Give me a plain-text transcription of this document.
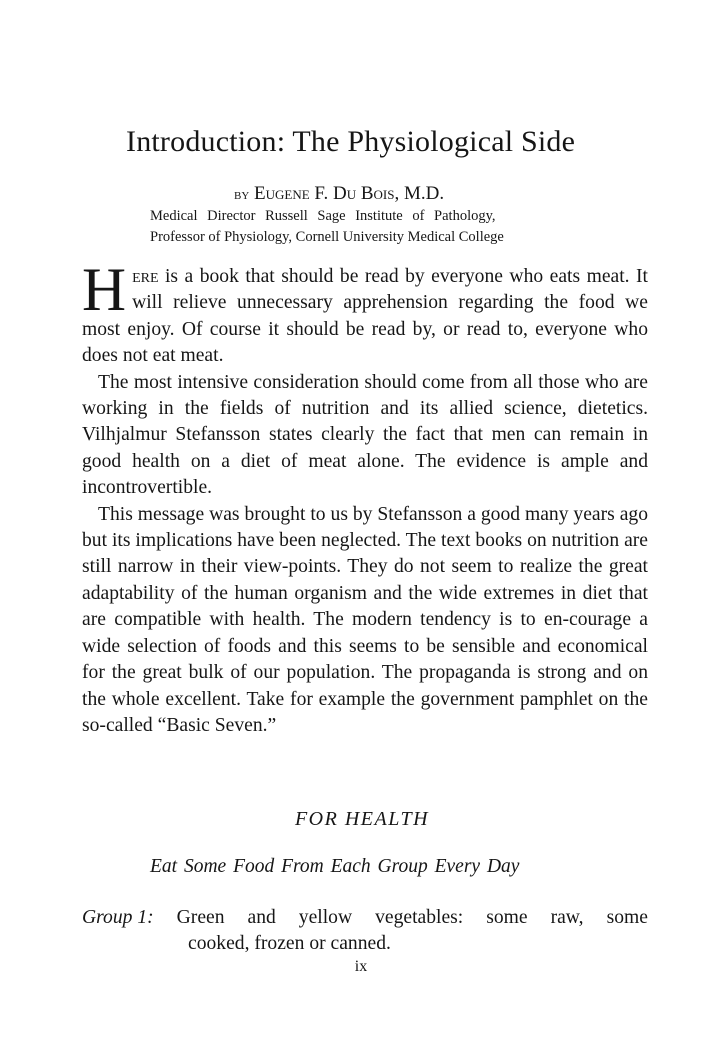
Introduction: The Physiological Side
by Eugene F. Du Bois, M.D.
Medical Director Russell Sage Institute of Pathology,
Professor of Physiology, Cornell University Medical College

Here is a book that should be read by everyone who eats meat. It will relieve unnecessary apprehension regarding the food we most enjoy. Of course it should be read by, or read to, everyone who does not eat meat.

The most intensive consideration should come from all those who are working in the fields of nutrition and its allied science, dietetics. Vilhjalmur Stefansson states clearly the fact that men can remain in good health on a diet of meat alone. The evidence is ample and incontrovertible.

This message was brought to us by Stefansson a good many years ago but its implications have been neglected. The text books on nutrition are still narrow in their view-points. They do not seem to realize the great adaptability of the human organism and the wide extremes in diet that are compatible with health. The modern tendency is to en-courage a wide selection of foods and this seems to be sensible and economical for the great bulk of our population. The propaganda is strong and on the whole excellent. Take for example the government pamphlet on the so-called “Basic Seven.”

FOR HEALTH
Eat Some Food From Each Group Every Day
Group 1: Green and yellow vegetables: some raw, some
cooked, frozen or canned.
ix
